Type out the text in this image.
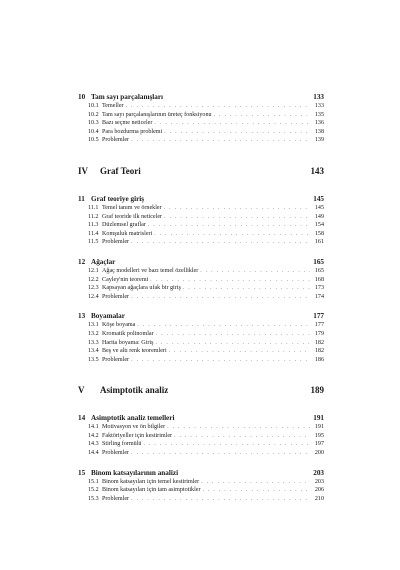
10 Tam sayı parçalanışları	133
10.1 Temeller . . .	133
10.2 Tam sayı parçalanışlarının üreteç fonksiyonu . . .	135
10.3 Bazı seçme neticeler . . .	136
10.4 Para bozdurma problemi . . .	138
10.5 Problemler . . .	139
IV	Graf Teori	143
11 Graf teoriye giriş	145
11.1 Temel tanım ve örnekler . . .	145
11.2 Graf teoride ilk neticeler . . .	149
11.3 Düzlemsel graflar . . .	154
11.4 Komşuluk matrisleri . . .	158
11.5 Problemler . . .	161
12 Ağaçlar	165
12.1 Ağaç modelleri ve bazı temel özellikler . . .	165
12.2 Cayley'nin teoremi . . .	168
12.3 Kapsayan ağaçlara ufak bir giriş . . .	173
12.4 Problemler . . .	174
13 Boyamalar	177
13.1 Köşe boyama . . .	177
13.2 Kromatik polinomlar . . .	179
13.3 Harita boyama: Giriş . . .	182
13.4 Beş ve altı renk teoremleri . . .	182
13.5 Problemler . . .	186
V	Asimptotik analiz	189
14 Asimptotik analiz temelleri	191
14.1 Motivasyon ve ön bilgiler . . .	191
14.2 Faktöriyeller için kestirimler . . .	195
14.3 Stirling formülü . . .	197
14.4 Problemler . . .	200
15 Binom katsayılarının analizi	203
15.1 Binom katsayıları için temel kestirimler . . .	203
15.2 Binom katsayıları için tam asimptotikler . . .	206
15.3 Problemler . . .	210
